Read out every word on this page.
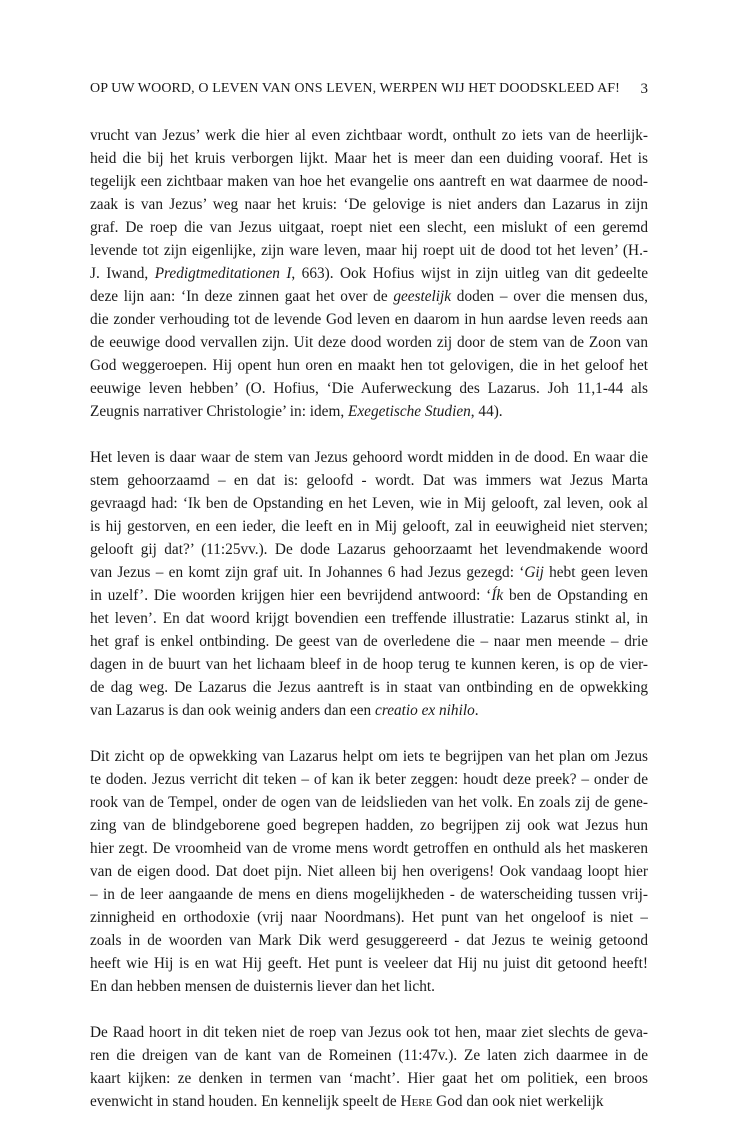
OP UW WOORD, O LEVEN VAN ONS LEVEN, WERPEN WIJ HET DOODSKLEED AF! 3
vrucht van Jezus’ werk die hier al even zichtbaar wordt, onthult zo iets van de heerlijk-
heid die bij het kruis verborgen lijkt. Maar het is meer dan een duiding vooraf. Het is
tegelijk een zichtbaar maken van hoe het evangelie ons aantreft en wat daarmee de nood-
zaak is van Jezus’ weg naar het kruis: ‘De gelovige is niet anders dan Lazarus in zijn
graf. De roep die van Jezus uitgaat, roept niet een slecht, een mislukt of een geremd
levende tot zijn eigenlijke, zijn ware leven, maar hij roept uit de dood tot het leven’ (H.-
J. Iwand, Predigtmeditationen I, 663). Ook Hofius wijst in zijn uitleg van dit gedeelte
deze lijn aan: ‘In deze zinnen gaat het over de geestelijk doden – over die mensen dus,
die zonder verhouding tot de levende God leven en daarom in hun aardse leven reeds aan
de eeuwige dood vervallen zijn. Uit deze dood worden zij door de stem van de Zoon van
God weggeroepen. Hij opent hun oren en maakt hen tot gelovigen, die in het geloof het
eeuwige leven hebben’ (O. Hofius, ‘Die Auferweckung des Lazarus. Joh 11,1-44 als
Zeugnis narrativer Christologie’ in: idem, Exegetische Studien, 44).
Het leven is daar waar de stem van Jezus gehoord wordt midden in de dood. En waar die
stem gehoorzaamd – en dat is: geloofd - wordt. Dat was immers wat Jezus Marta
gevraagd had: ‘Ik ben de Opstanding en het Leven, wie in Mij gelooft, zal leven, ook al
is hij gestorven, en een ieder, die leeft en in Mij gelooft, zal in eeuwigheid niet sterven;
gelooft gij dat?’ (11:25vv.). De dode Lazarus gehoorzaamt het levendmakende woord
van Jezus – en komt zijn graf uit. In Johannes 6 had Jezus gezegd: ‘Gij hebt geen leven
in uzelf’. Die woorden krijgen hier een bevrijdend antwoord: ‘Ík ben de Opstanding en
het leven’. En dat woord krijgt bovendien een treffende illustratie: Lazarus stinkt al, in
het graf is enkel ontbinding. De geest van de overledene die – naar men meende – drie
dagen in de buurt van het lichaam bleef in de hoop terug te kunnen keren, is op de vier-
de dag weg. De Lazarus die Jezus aantreft is in staat van ontbinding en de opwekking
van Lazarus is dan ook weinig anders dan een creatio ex nihilo.
Dit zicht op de opwekking van Lazarus helpt om iets te begrijpen van het plan om Jezus
te doden. Jezus verricht dit teken – of kan ik beter zeggen: houdt deze preek? – onder de
rook van de Tempel, onder de ogen van de leidslieden van het volk. En zoals zij de gene-
zing van de blindgeborene goed begrepen hadden, zo begrijpen zij ook wat Jezus hun
hier zegt. De vroomheid van de vrome mens wordt getroffen en onthuld als het maskeren
van de eigen dood. Dat doet pijn. Niet alleen bij hen overigens! Ook vandaag loopt hier
– in de leer aangaande de mens en diens mogelijkheden - de waterscheiding tussen vrij-
zinnigheid en orthodoxie (vrij naar Noordmans). Het punt van het ongeloof is niet –
zoals in de woorden van Mark Dik werd gesuggereerd - dat Jezus te weinig getoond
heeft wie Hij is en wat Hij geeft. Het punt is veeleer dat Hij nu juist dit getoond heeft!
En dan hebben mensen de duisternis liever dan het licht.
De Raad hoort in dit teken niet de roep van Jezus ook tot hen, maar ziet slechts de geva-
ren die dreigen van de kant van de Romeinen (11:47v.). Ze laten zich daarmee in de
kaart kijken: ze denken in termen van ‘macht’. Hier gaat het om politiek, een broos
evenwicht in stand houden. En kennelijk speelt de Here God dan ook niet werkelijk
